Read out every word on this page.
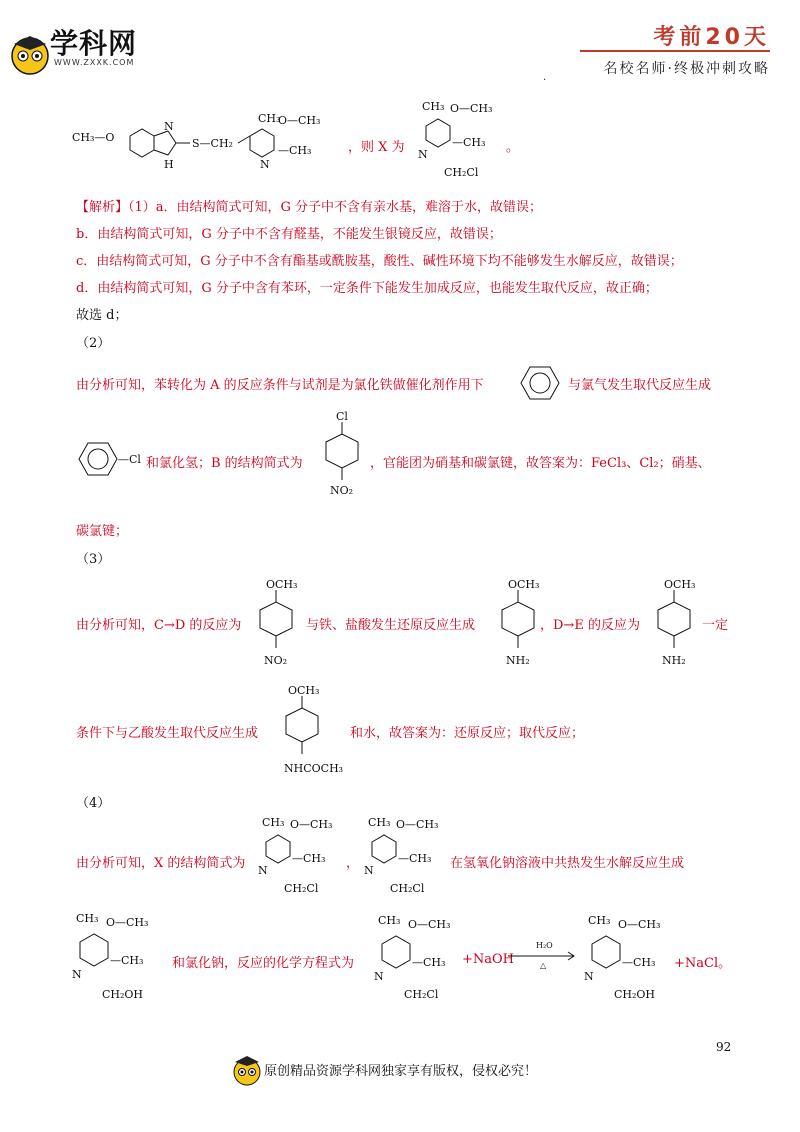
学科网
WWW.ZXXK.COM
考前20天
名校名师·终极冲刺攻略
.
CH₃—O
N
H
S—CH₂
N
CH₃
O—CH₃
—CH₃	，则 X 为
CH₃ O—CH₃
—CH₃
N
CH₂Cl
。
【解析】（1）a．由结构简式可知，G 分子中不含有亲水基，难溶于水，故错误；
b．由结构简式可知，G 分子中不含有醛基，不能发生银镜反应，故错误；
c．由结构简式可知，G 分子中不含有酯基或酰胺基，酸性、碱性环境下均不能够发生水解反应，故错误；
d．由结构简式可知，G 分子中含有苯环，一定条件下能发生加成反应，也能发生取代反应，故正确；
故选 d；
（2）
由分析可知，苯转化为 A 的反应条件与试剂是为氯化铁做催化剂作用下	与氯气发生取代反应生成
—Cl 和氯化氢；B 的结构简式为
Cl
NO₂
，官能团为硝基和碳氯键，故答案为：FeCl₃、Cl₂；硝基、
碳氯键；
（3）
由分析可知，C→D 的反应为
OCH₃
NO₂
与铁、盐酸发生还原反应生成
OCH₃
NH₂
，D→E 的反应为
OCH₃
NH₂
一定
条件下与乙酸发生取代反应生成
OCH₃
NHCOCH₃
和水，故答案为：还原反应；取代反应；
（4）
由分析可知，X 的结构简式为
CH₃ O—CH₃
—CH₃
N
CH₂Cl
，
CH₃ O—CH₃
—CH₃
N
CH₂Cl
在氢氧化钠溶液中共热发生水解反应生成
CH₃ O—CH₃
—CH₃
N
CH₂OH
和氯化钠，反应的化学方程式为
CH₃ O—CH₃
—CH₃
N
CH₂Cl
+NaOH
H₂O
△
CH₃ O—CH₃
—CH₃
N
CH₂OH
+NaCl。
92
原创精品资源学科网独家享有版权，侵权必究！
